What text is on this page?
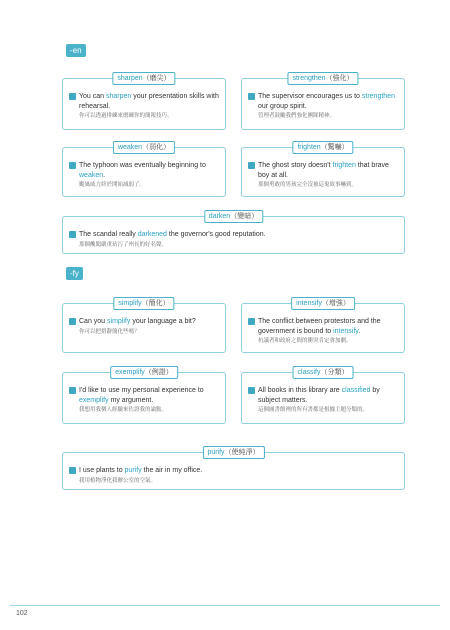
-en
sharpen（磨尖）
You can sharpen your presentation skills with rehearsal.
你可以透過排練來磨練你的簡報技巧。
strengthen（強化）
The supervisor encourages us to strengthen our group spirit.
管理者鼓勵我們強化團隊精神。
weaken（弱化）
The typhoon was eventually beginning to weaken.
颱風威力終於開始減弱了。
frighten（驚嚇）
The ghost story doesn't frighten that brave boy at all.
那個勇敢的男孩完全沒被這鬼故事嚇到。
darken（變暗）
The scandal really darkened the governor's good reputation.
那個醜聞嚴重玷污了州長的好名聲。
-fy
simplify（簡化）
Can you simplify your language a bit?
你可以把措辭簡化些嗎？
intensify（增強）
The conflict between protestors and the government is bound to intensify.
抗議者和政府之間的衝突肯定會加劇。
exemplify（例證）
I'd like to use my personal experience to exemplify my argument.
我想用我個人經驗來佐證我的論點。
classify（分類）
All books in this library are classified by subject matters.
這個圖書館裡的所有書都是根據主題分類的。
purify（使純淨）
I use plants to purify the air in my office.
我用植物淨化我辦公室的空氣。
102
